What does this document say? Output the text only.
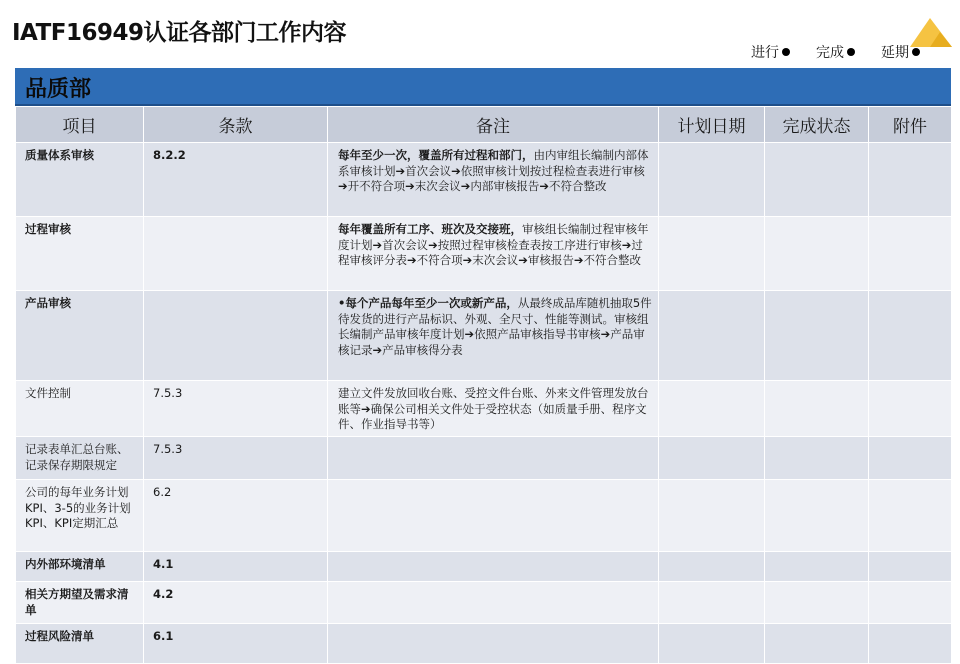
IATF16949认证各部门工作内容
进行	完成	延期
品质部
项目	条款	备注	计划日期	完成状态	附件
质量体系审核	8.2.2	每年至少一次，覆盖所有过程和部门，由内审组长编制内部体系审核计划➔首次会议➔依照审核计划按过程检查表进行审核➔开不符合项➔末次会议➔内部审核报告➔不符合整改			
过程审核		每年覆盖所有工序、班次及交接班，审核组长编制过程审核年度计划➔首次会议➔按照过程审核检查表按工序进行审核➔过程审核评分表➔不符合项➔末次会议➔审核报告➔不符合整改			
产品审核		•每个产品每年至少一次或新产品，从最终成品库随机抽取5件待发货的进行产品标识、外观、全尺寸、性能等测试。审核组长编制产品审核年度计划➔依照产品审核指导书审核➔产品审核记录➔产品审核得分表			
文件控制	7.5.3	建立文件发放回收台账、受控文件台账、外来文件管理发放台账等➔确保公司相关文件处于受控状态（如质量手册、程序文件、作业指导书等）			
记录表单汇总台账、记录保存期限规定	7.5.3				
公司的每年业务计划KPI、3-5的业务计划KPI、KPI定期汇总	6.2				
内外部环境清单	4.1				
相关方期望及需求清单	4.2				
过程风险清单	6.1				
